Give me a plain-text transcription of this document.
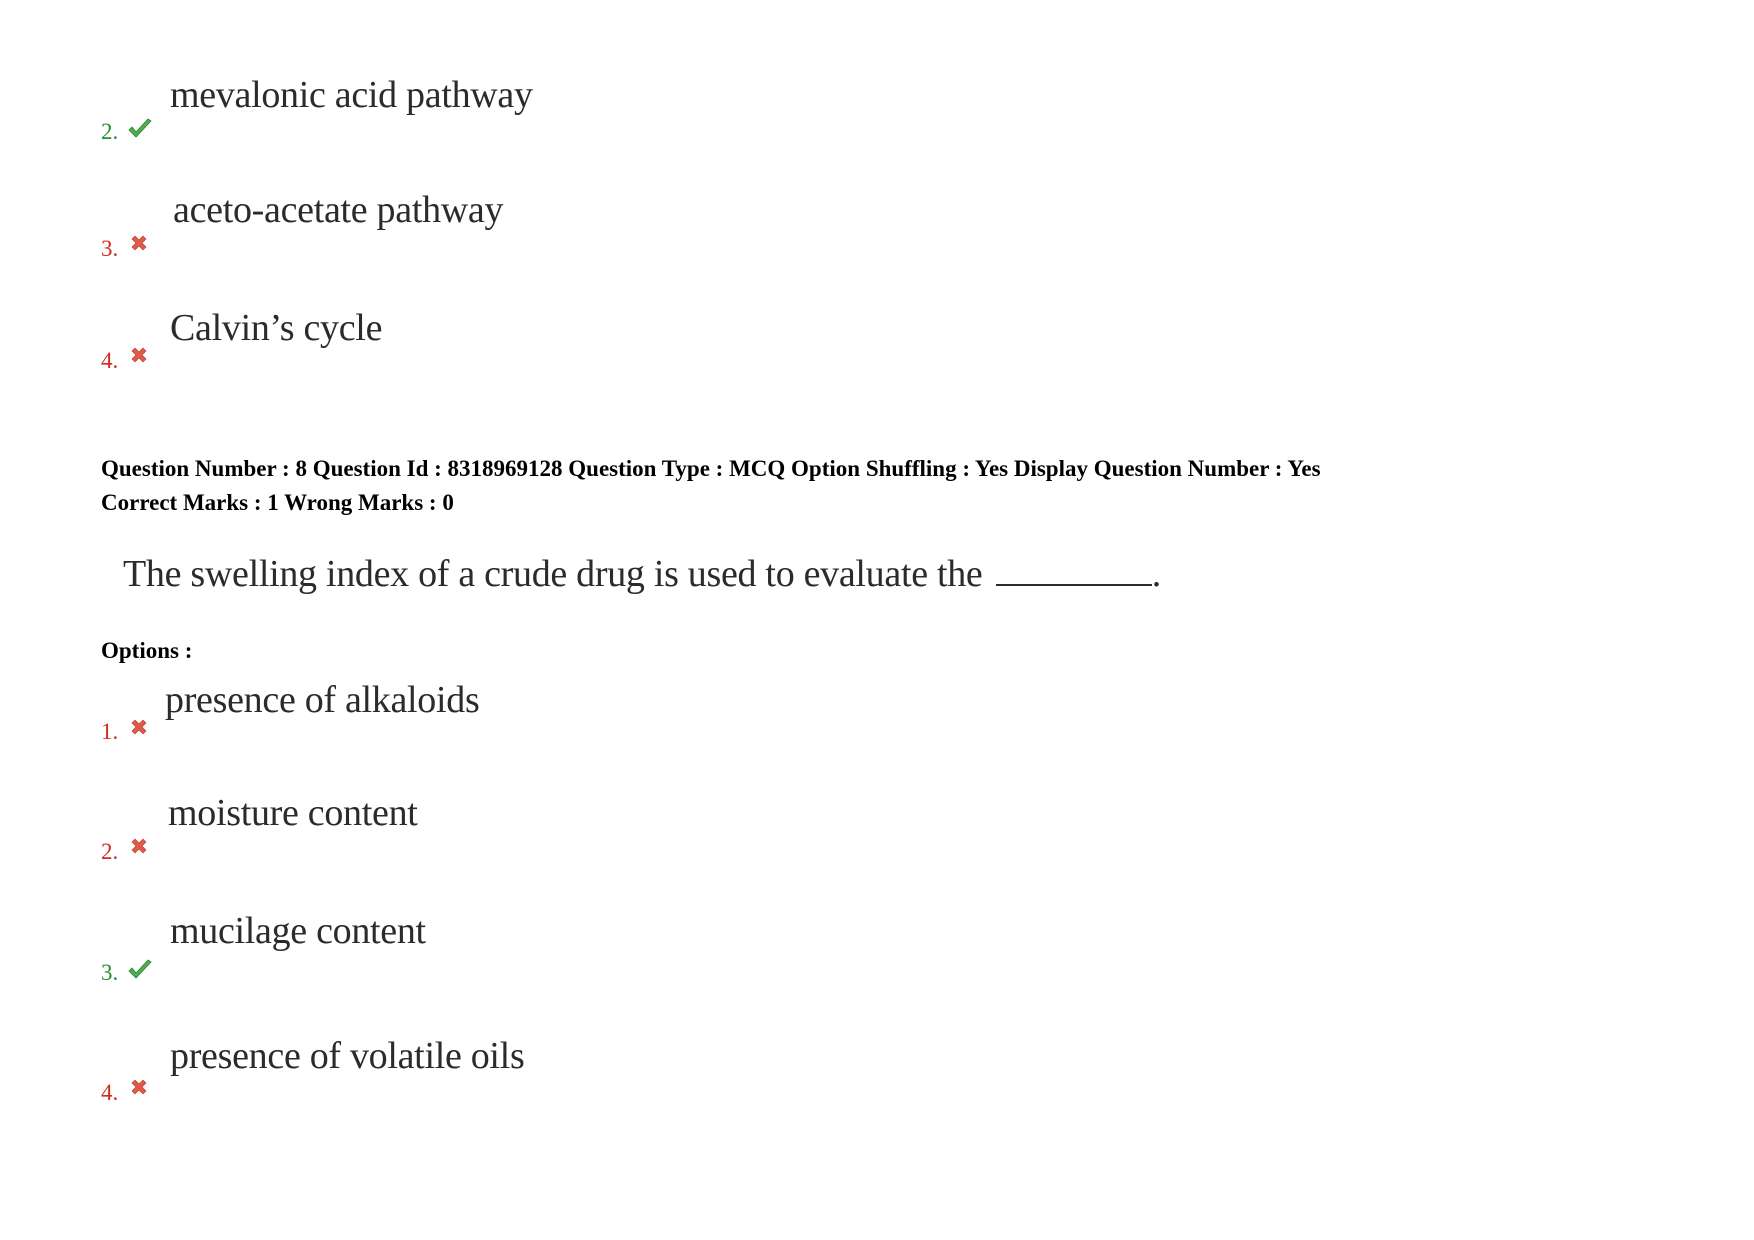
mevalonic acid pathway
2.
aceto-acetate pathway
3.
Calvin’s cycle
4.
Question Number : 8 Question Id : 8318969128 Question Type : MCQ Option Shuffling : Yes Display Question Number : Yes
Correct Marks : 1 Wrong Marks : 0
The swelling index of a crude drug is used to evaluate the	.
Options :
presence of alkaloids
1.
moisture content
2.
mucilage content
3.
presence of volatile oils
4.
